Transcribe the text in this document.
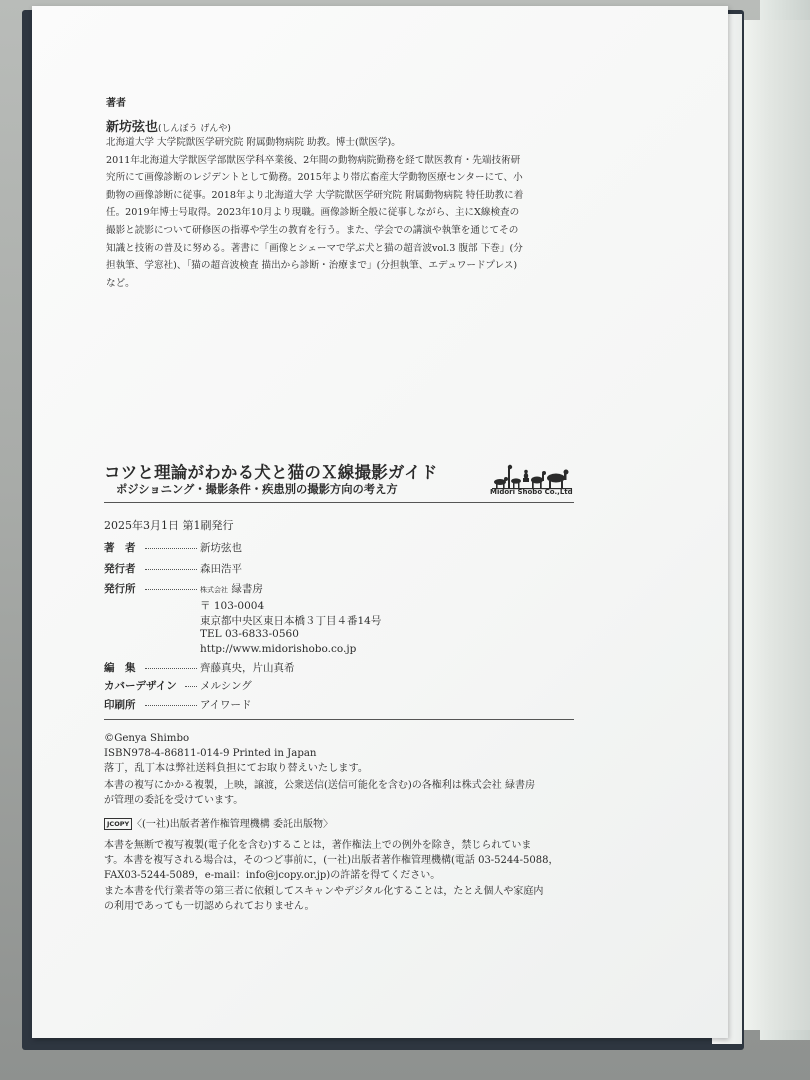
著者
新坊弦也(しんぼう げんや)
北海道大学 大学院獣医学研究院 附属動物病院 助教。博士(獣医学)。
2011年北海道大学獣医学部獣医学科卒業後、2年間の動物病院勤務を経て獣医教育・先端技術研
究所にて画像診断のレジデントとして勤務。2015年より帯広畜産大学動物医療センターにて、小
動物の画像診断に従事。2018年より北海道大学 大学院獣医学研究院 附属動物病院 特任助教に着
任。2019年博士号取得。2023年10月より現職。画像診断全般に従事しながら、主にX線検査の
撮影と読影について研修医の指導や学生の教育を行う。また、学会での講演や執筆を通じてその
知識と技術の普及に努める。著書に「画像とシェーマで学ぶ犬と猫の超音波vol.3 腹部 下巻」(分
担執筆、学窓社)、「猫の超音波検査 描出から診断・治療まで」(分担執筆、エデュワードプレス)
など。
コツと理論がわかる犬と猫のＸ線撮影ガイド
ポジショニング・撮影条件・疾患別の撮影方向の考え方	Midori Shobo Co.,Ltd
2025年3月1日 第1刷発行
著　者	新坊弦也
発行者	森田浩平
発行所	株式会社 緑書房
〒 103-0004
東京都中央区東日本橋３丁目４番14号
TEL 03-6833-0560
http://www.midorishobo.co.jp
編　集	齊藤真央，片山真希
カバーデザイン メルシング
印刷所	アイワード
©Genya Shimbo
ISBN978-4-86811-014-9 Printed in Japan
落丁，乱丁本は弊社送料負担にてお取り替えいたします。
本書の複写にかかる複製，上映，譲渡，公衆送信(送信可能化を含む)の各権利は株式会社 緑書房
が管理の委託を受けています。
JCOPY 〈(一社)出版者著作権管理機構 委託出版物〉
本書を無断で複写複製(電子化を含む)することは，著作権法上での例外を除き，禁じられていま
す。本書を複写される場合は，そのつど事前に，(一社)出版者著作権管理機構(電話 03-5244-5088，
FAX03-5244-5089，e-mail：info@jcopy.or.jp)の許諾を得てください。
また本書を代行業者等の第三者に依頼してスキャンやデジタル化することは，たとえ個人や家庭内
の利用であっても一切認められておりません。
